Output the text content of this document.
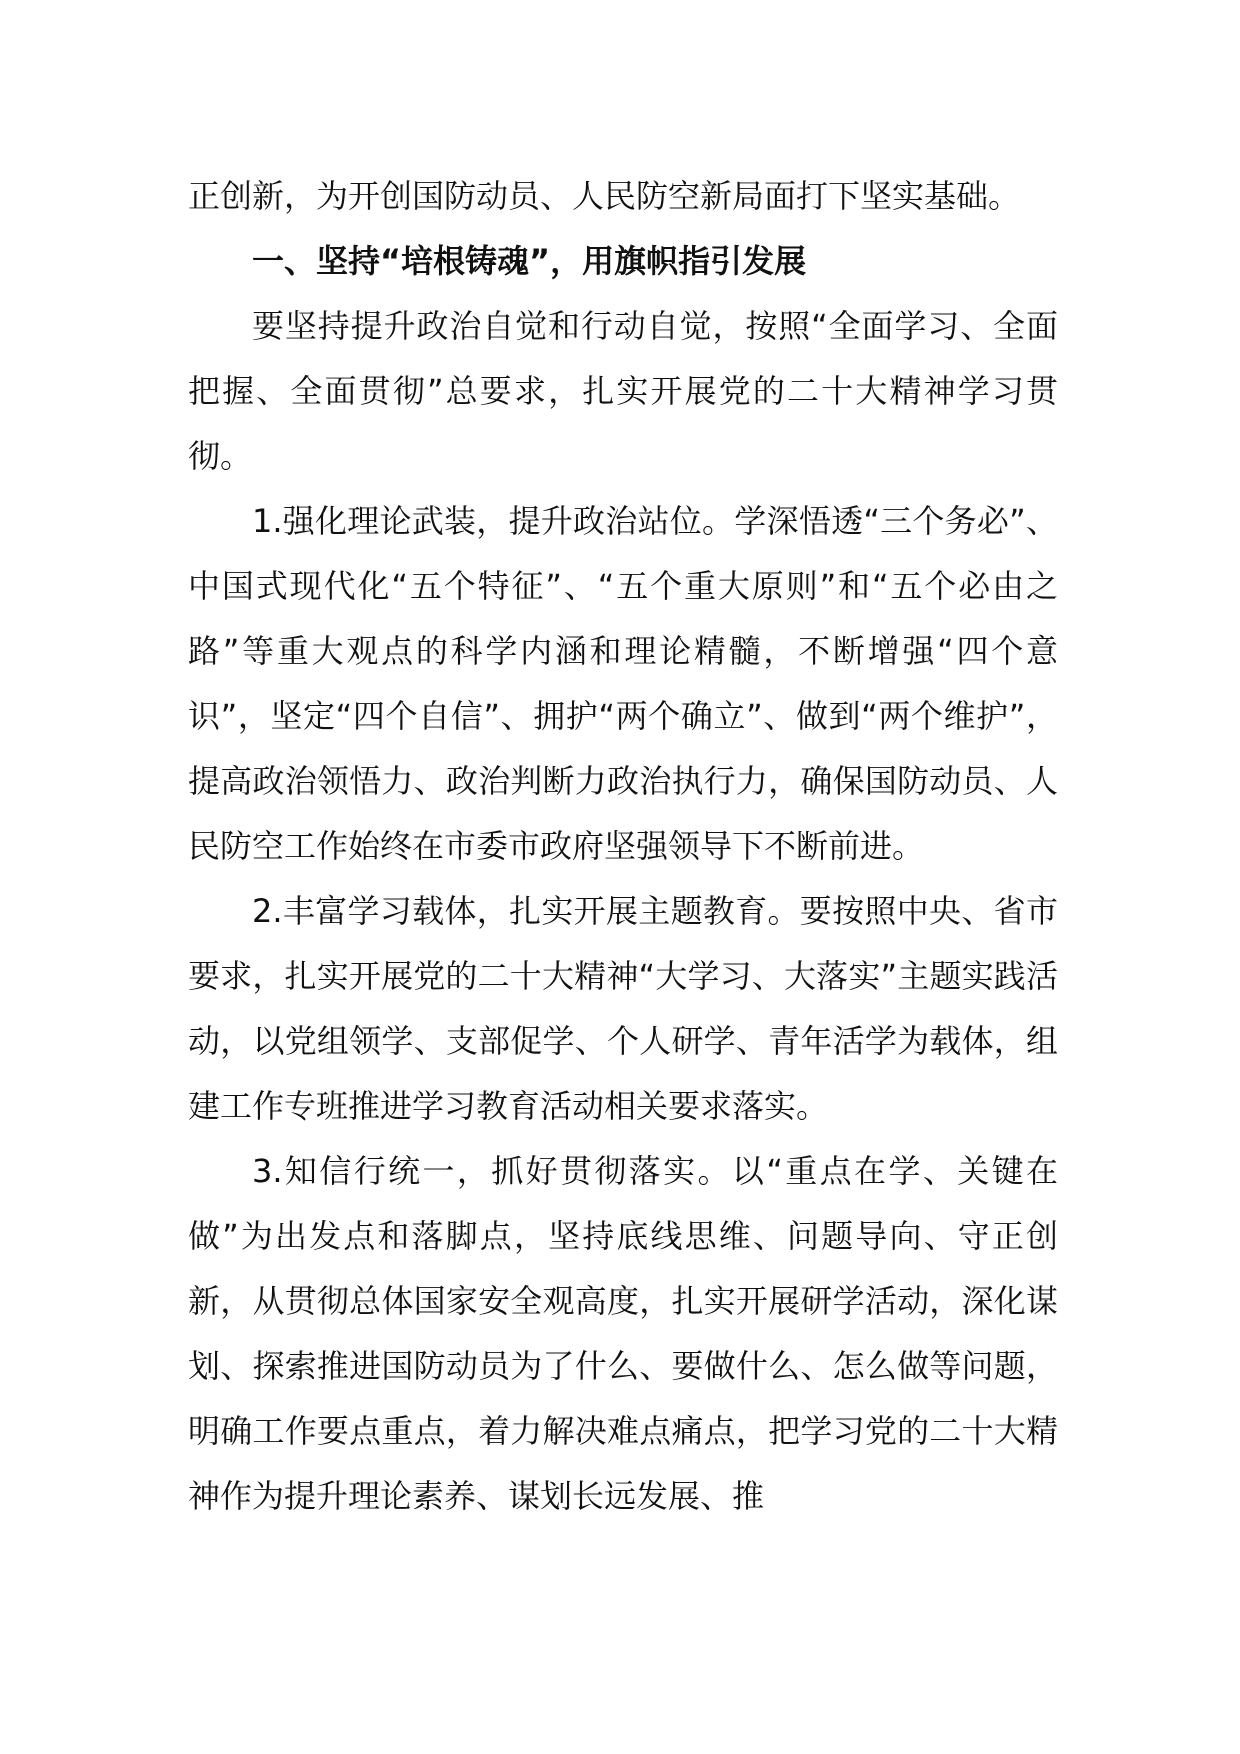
正创新，为开创国防动员、人民防空新局面打下坚实基础。

一、坚持“培根铸魂”，用旗帜指引发展

要坚持提升政治自觉和行动自觉，按照“全面学习、全面把握、全面贯彻”总要求，扎实开展党的二十大精神学习贯彻。

1.强化理论武装，提升政治站位。学深悟透“三个务必”、中国式现代化“五个特征”、“五个重大原则”和“五个必由之路”等重大观点的科学内涵和理论精髓，不断增强“四个意识”，坚定“四个自信”、拥护“两个确立”、做到“两个维护”，提高政治领悟力、政治判断力政治执行力，确保国防动员、人民防空工作始终在市委市政府坚强领导下不断前进。

2.丰富学习载体，扎实开展主题教育。要按照中央、省市要求，扎实开展党的二十大精神“大学习、大落实”主题实践活动，以党组领学、支部促学、个人研学、青年活学为载体，组建工作专班推进学习教育活动相关要求落实。

3.知信行统一，抓好贯彻落实。以“重点在学、关键在做”为出发点和落脚点，坚持底线思维、问题导向、守正创新，从贯彻总体国家安全观高度，扎实开展研学活动，深化谋划、探索推进国防动员为了什么、要做什么、怎么做等问题，明确工作要点重点，着力解决难点痛点，把学习党的二十大精神作为提升理论素养、谋划长远发展、推
